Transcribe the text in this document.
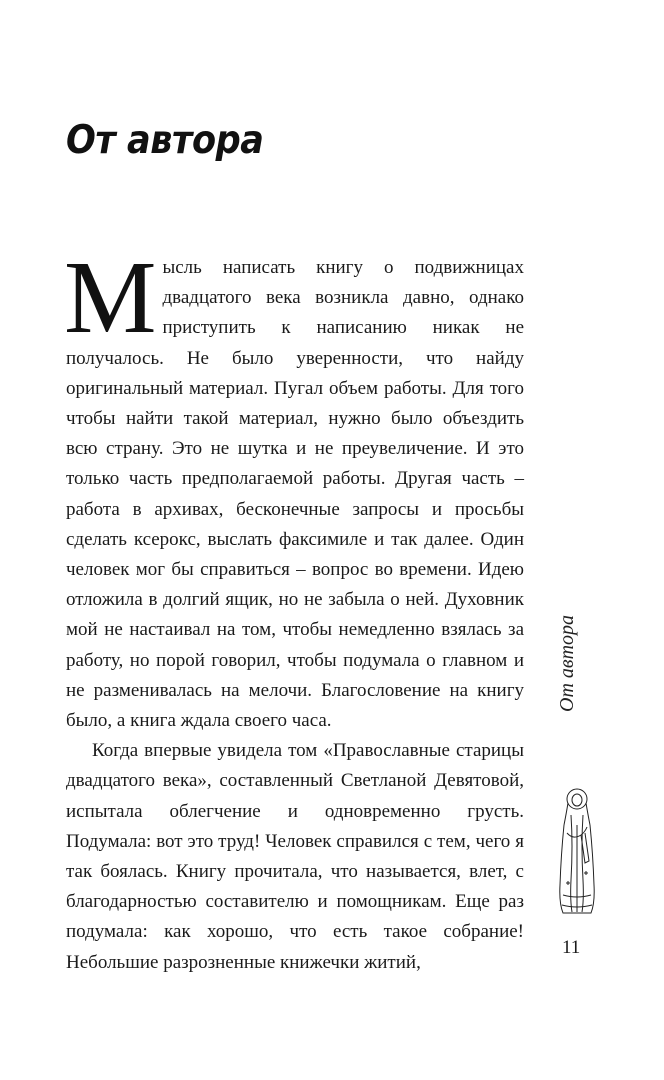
От автора

Мысль написать книгу о подвижницах двадцатого века возникла давно, однако приступить к написанию никак не получалось. Не было уверенности, что найду оригинальный материал. Пугал объем работы. Для того чтобы найти такой материал, нужно было объездить всю страну. Это не шутка и не преувеличение. И это только часть предполагаемой работы. Другая часть – работа в архивах, бесконечные запросы и просьбы сделать ксерокс, выслать факсимиле и так далее. Один человек мог бы справиться – вопрос во времени. Идею отложила в долгий ящик, но не забыла о ней. Духовник мой не настаивал на том, чтобы немедленно взялась за работу, но порой говорил, чтобы подумала о главном и не разменивалась на мелочи. Благословение на книгу было, а книга ждала своего часа.

Когда впервые увидела том «Православные старицы двадцатого века», составленный Светланой Девятовой, испытала облегчение и одновременно грусть. Подумала: вот это труд! Человек справился с тем, чего я так боялась. Книгу прочитала, что называется, влет, с благодарностью составителю и помощникам. Еще раз подумала: как хорошо, что есть такое собрание! Небольшие разрозненные книжечки житий,

От автора
11
